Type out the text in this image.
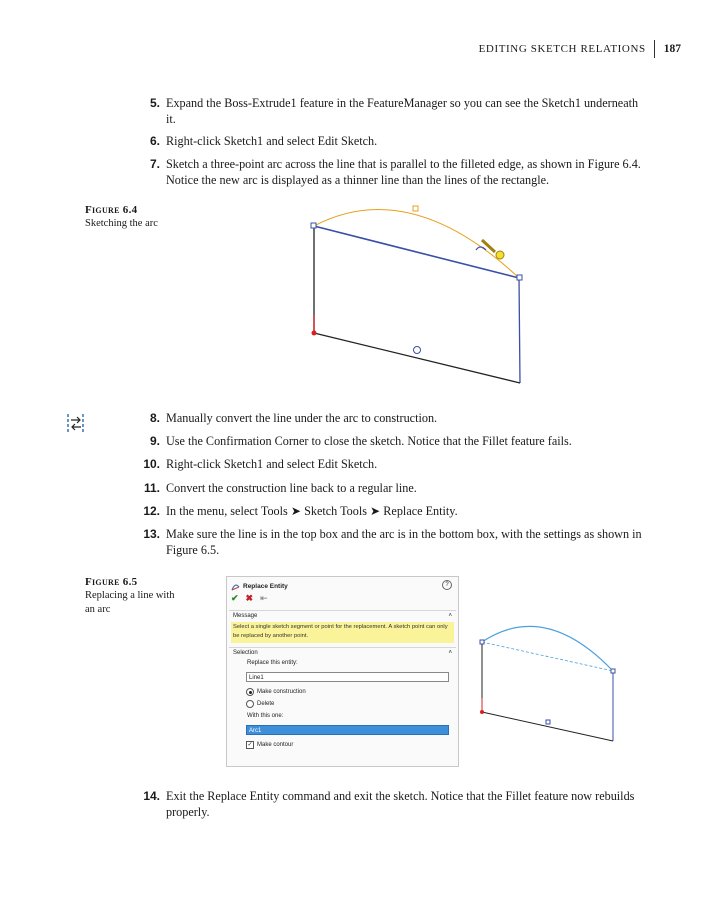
EDITING SKETCH RELATIONS 187
5. Expand the Boss-Extrude1 feature in the FeatureManager so you can see the Sketch1 underneath it.
6. Right-click Sketch1 and select Edit Sketch.
7. Sketch a three-point arc across the line that is parallel to the filleted edge, as shown in Figure 6.4. Notice the new arc is displayed as a thinner line than the lines of the rectangle.
Figure 6.4
Sketching the arc
8. Manually convert the line under the arc to construction.
9. Use the Confirmation Corner to close the sketch. Notice that the Fillet feature fails.
10. Right-click Sketch1 and select Edit Sketch.
11. Convert the construction line back to a regular line.
12. In the menu, select Tools ➤ Sketch Tools ➤ Replace Entity.
13. Make sure the line is in the top box and the arc is in the bottom box, with the settings as shown in Figure 6.5.
Figure 6.5
Replacing a line with an arc
Replace Entity	?
✔ ✖ ⇤
Message	˄
Select a single sketch segment or point for the replacement. A sketch point can only be replaced by another point.
Selection	˄
Replace this entity:
Line1
Make construction
Delete
With this one:
Arc1
✓ Make contour
14. Exit the Replace Entity command and exit the sketch. Notice that the Fillet feature now rebuilds properly.
